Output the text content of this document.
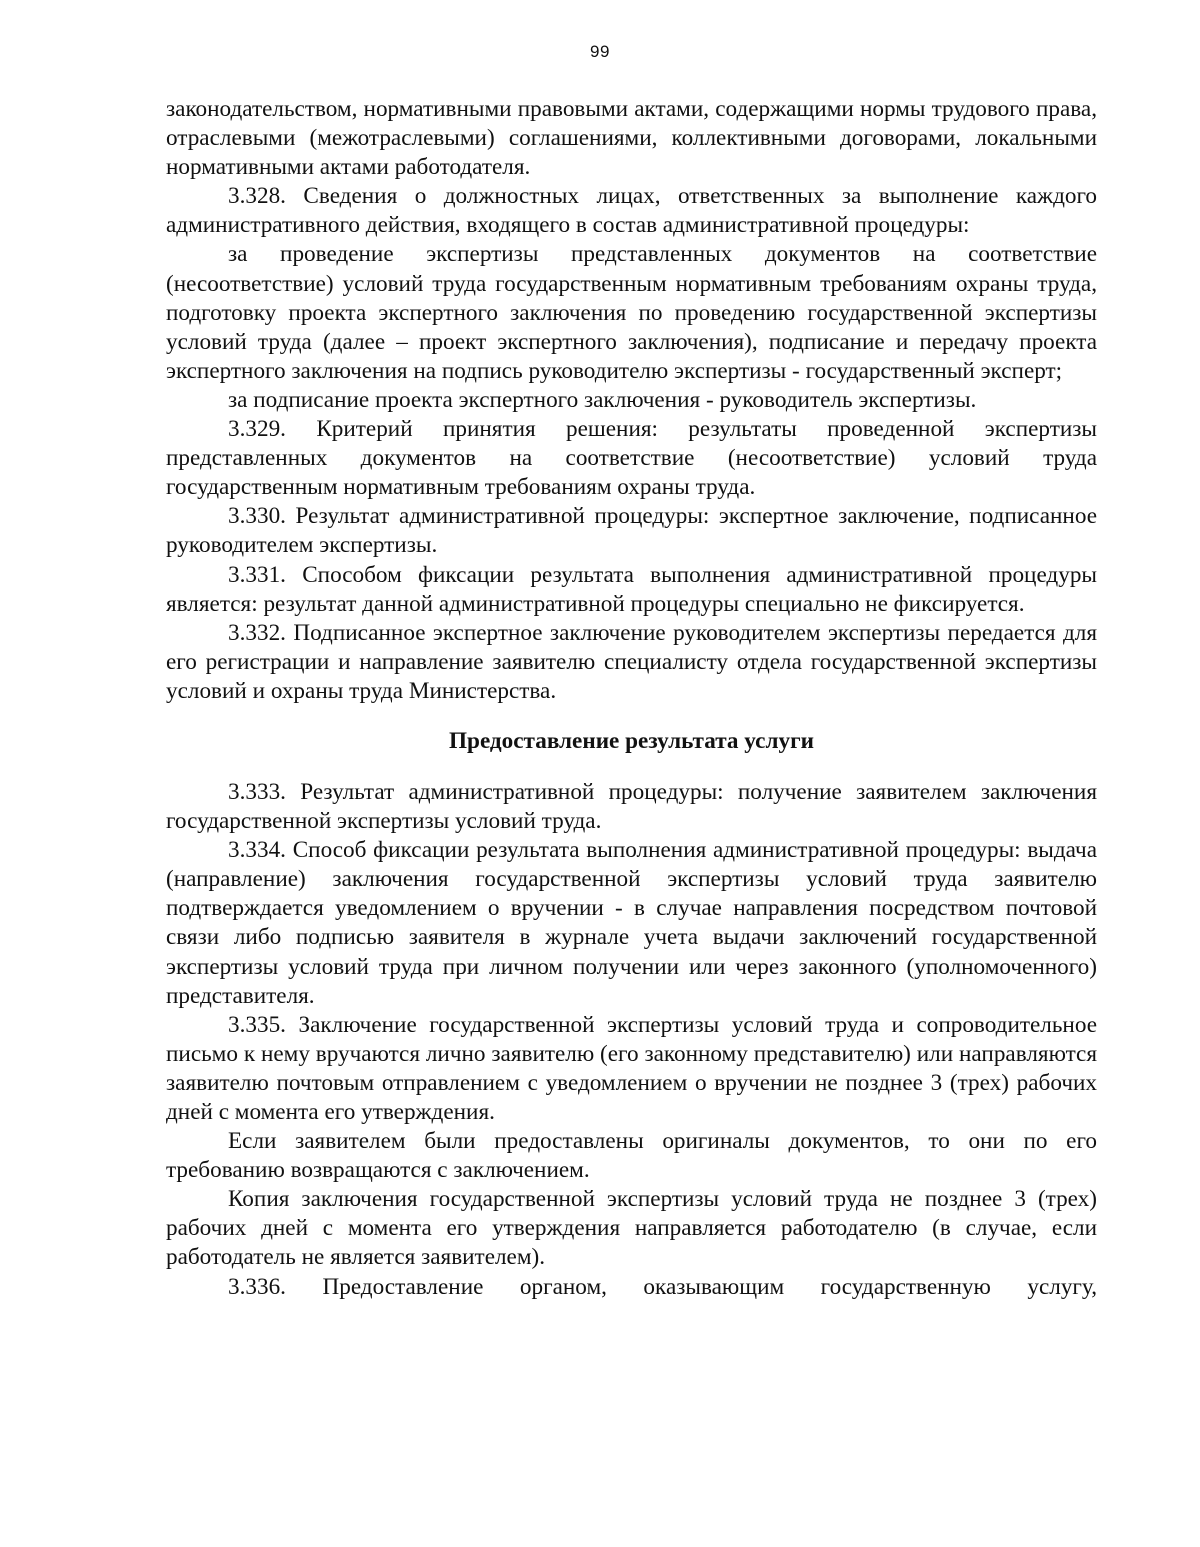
99

законодательством, нормативными правовыми актами, содержащими нормы трудового права, отраслевыми (межотраслевыми) соглашениями, коллективными договорами, локальными нормативными актами работодателя.

3.328. Сведения о должностных лицах, ответственных за выполнение каждого административного действия, входящего в состав административной процедуры:

за проведение экспертизы представленных документов на соответствие (несоответствие) условий труда государственным нормативным требованиям охраны труда, подготовку проекта экспертного заключения по проведению государственной экспертизы условий труда (далее – проект экспертного заключения), подписание и передачу проекта экспертного заключения на подпись руководителю экспертизы - государственный эксперт;

за подписание проекта экспертного заключения - руководитель экспертизы.

3.329. Критерий принятия решения: результаты проведенной экспертизы представленных документов на соответствие (несоответствие) условий труда государственным нормативным требованиям охраны труда.

3.330. Результат административной процедуры: экспертное заключение, подписанное руководителем экспертизы.

3.331. Способом фиксации результата выполнения административной процедуры является: результат данной административной процедуры специально не фиксируется.

3.332. Подписанное экспертное заключение руководителем экспертизы передается для его регистрации и направление заявителю специалисту отдела государственной экспертизы условий и охраны труда Министерства.

Предоставление результата услуги

3.333. Результат административной процедуры: получение заявителем заключения государственной экспертизы условий труда.

3.334. Способ фиксации результата выполнения административной процедуры: выдача (направление) заключения государственной экспертизы условий труда заявителю подтверждается уведомлением о вручении - в случае направления посредством почтовой связи либо подписью заявителя в журнале учета выдачи заключений государственной экспертизы условий труда при личном получении или через законного (уполномоченного) представителя.

3.335. Заключение государственной экспертизы условий труда и сопроводительное письмо к нему вручаются лично заявителю (его законному представителю) или направляются заявителю почтовым отправлением с уведомлением о вручении не позднее 3 (трех) рабочих дней с момента его утверждения.

Если заявителем были предоставлены оригиналы документов, то они по его требованию возвращаются с заключением.

Копия заключения государственной экспертизы условий труда не позднее 3 (трех) рабочих дней с момента его утверждения направляется работодателю (в случае, если работодатель не является заявителем).

3.336. Предоставление органом, оказывающим государственную услугу,
